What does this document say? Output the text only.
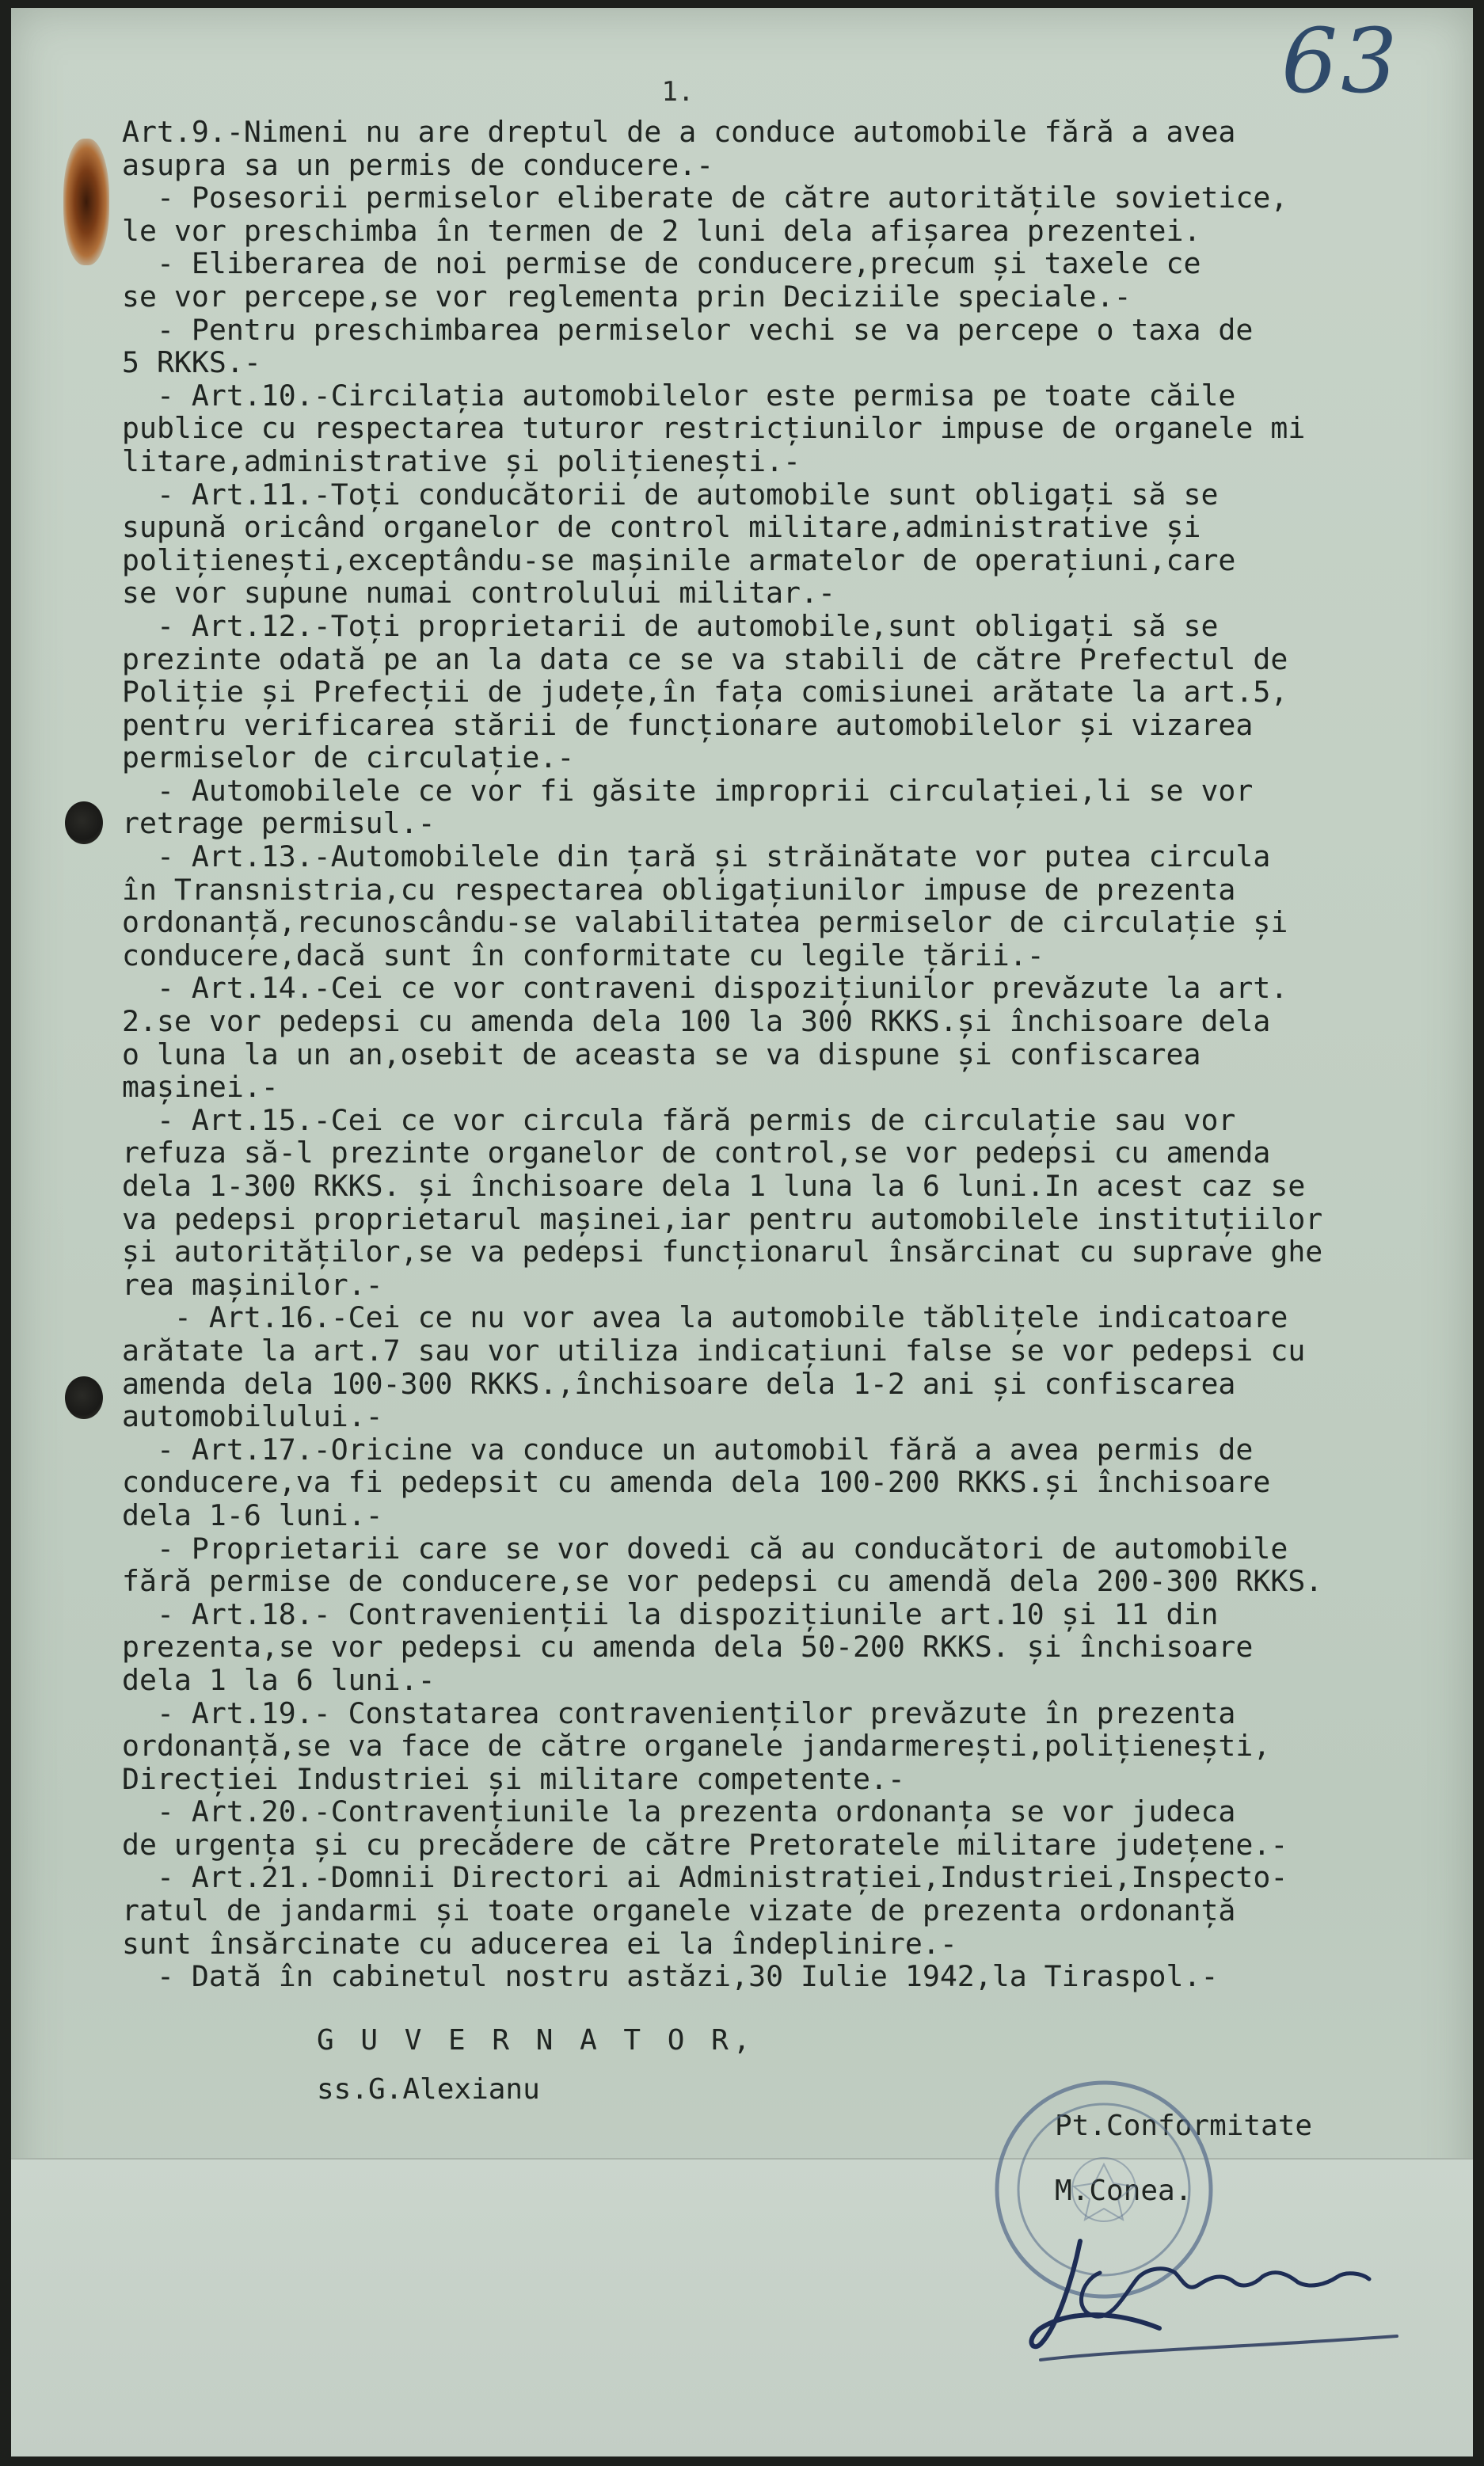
63
1.
Art.9.-Nimeni nu are dreptul de a conduce automobile fără a avea
asupra sa un permis de conducere.-
- Posesorii permiselor eliberate de către autoritățile sovietice,
le vor preschimba în termen de 2 luni dela afișarea prezentei.
- Eliberarea de noi permise de conducere,precum și taxele ce
se vor percepe,se vor reglementa prin Deciziile speciale.-
- Pentru preschimbarea permiselor vechi se va percepe o taxa de
5 RKKS.-
- Art.10.-Circilația automobilelor este permisa pe toate căile
publice cu respectarea tuturor restricțiunilor impuse de organele mi
litare,administrative și polițienești.-
- Art.11.-Toți conducătorii de automobile sunt obligați să se
supună oricând organelor de control militare,administrative și
polițienești,exceptându-se mașinile armatelor de operațiuni,care
se vor supune numai controlului militar.-
- Art.12.-Toți proprietarii de automobile,sunt obligați să se
prezinte odată pe an la data ce se va stabili de către Prefectul de
Poliție și Prefecții de județe,în fața comisiunei arătate la art.5,
pentru verificarea stării de funcționare automobilelor și vizarea
permiselor de circulație.-
- Automobilele ce vor fi găsite improprii circulației,li se vor
retrage permisul.-
- Art.13.-Automobilele din țară și străinătate vor putea circula
în Transnistria,cu respectarea obligațiunilor impuse de prezenta
ordonanță,recunoscându-se valabilitatea permiselor de circulație și
conducere,dacă sunt în conformitate cu legile țării.-
- Art.14.-Cei ce vor contraveni dispozițiunilor prevăzute la art.
2.se vor pedepsi cu amenda dela 100 la 300 RKKS.și închisoare dela
o luna la un an,osebit de aceasta se va dispune și confiscarea
mașinei.-
- Art.15.-Cei ce vor circula fără permis de circulație sau vor
refuza să-l prezinte organelor de control,se vor pedepsi cu amenda
dela 1-300 RKKS. și închisoare dela 1 luna la 6 luni.In acest caz se
va pedepsi proprietarul mașinei,iar pentru automobilele instituțiilor
și autorităților,se va pedepsi funcționarul însărcinat cu suprave ghe
rea mașinilor.-
- Art.16.-Cei ce nu vor avea la automobile tăblițele indicatoare
arătate la art.7 sau vor utiliza indicațiuni false se vor pedepsi cu
amenda dela 100-300 RKKS.,închisoare dela 1-2 ani și confiscarea
automobilului.-
- Art.17.-Oricine va conduce un automobil fără a avea permis de
conducere,va fi pedepsit cu amenda dela 100-200 RKKS.și închisoare
dela 1-6 luni.-
- Proprietarii care se vor dovedi că au conducători de automobile
fără permise de conducere,se vor pedepsi cu amendă dela 200-300 RKKS.
- Art.18.- Contravenienții la dispozițiunile art.10 și 11 din
prezenta,se vor pedepsi cu amenda dela 50-200 RKKS. și închisoare
dela 1 la 6 luni.-
- Art.19.- Constatarea contravenienților prevăzute în prezenta
ordonanță,se va face de către organele jandarmerești,polițienești,
Direcției Industriei și militare competente.-
- Art.20.-Contravențiunile la prezenta ordonanța se vor judeca
de urgența și cu precădere de către Pretoratele militare județene.-
- Art.21.-Domnii Directori ai Administrației,Industriei,Inspecto-
ratul de jandarmi și toate organele vizate de prezenta ordonanță
sunt însărcinate cu aducerea ei la îndeplinire.-
- Dată în cabinetul nostru astăzi,30 Iulie 1942,la Tiraspol.-
G U V E R N A T O R,
ss.G.Alexianu
Pt.Conformitate
M.Conea.
